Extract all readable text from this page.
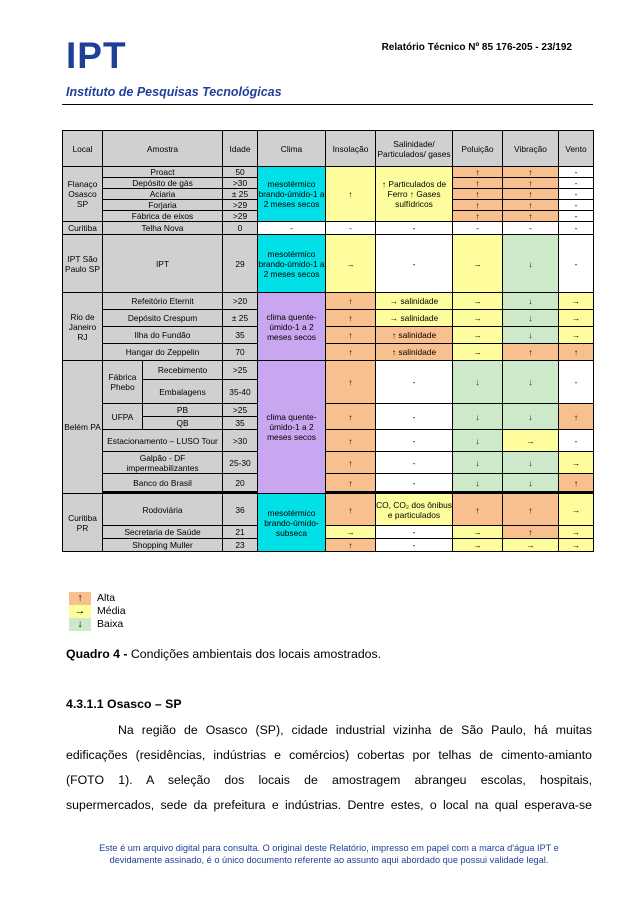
IPT
Instituto de Pesquisas Tecnológicas
Relatório Técnico Nº 85 176-205 - 23/192
Local	Amostra		Idade	Clima	Insolação	Salinidade/ Particulados/ gases	Poluição	Vibração	Vento
Flanaço Osasco SP	Proact		50	mesotérmico brando-úmido-1 a 2 meses secos	↑	↑ Particulados de Ferro ↑ Gases sulfídricos	↑	↑	-
	Depósito de gás		>30				↑	↑	-
	Aciaria		± 25				↑	↑	-
	Forjaria		>29				↑	↑	-
	Fábrica de eixos		>29				↑	↑	-
Curitiba	Telha Nova		0	-	-	-	-	-	-
IPT São Paulo SP	IPT		29	mesotérmico brando-úmido-1 a 2 meses secos	→	-	→	↓	-
Rio de Janeiro RJ	Refeitório Eternit		>20	clima quente-úmido-1 a 2 meses secos	↑	→ salinidade	→	↓	→
	Depósito Crespum		± 25		↑	→ salinidade	→	↓	→
	Ilha do Fundão		35		↑	↑ salinidade	→	↓	→
	Hangar do Zeppelin		70		↑	↑ salinidade	→	↑	↑
Belém PA	Fábrica Phebo	Recebimento	>25	clima quente-úmido-1 a 2 meses secos	↑	-	↓	↓	-
		Embalagens	35-40						
	UFPA	PB	>25		↑	-	↓	↓	↑
		QB	35						
	Estacionamento – LUSO Tour		>30		↑	-	↓	→	-
	Galpão - DF impermeabilizantes		25-30		↑	-	↓	↓	→
	Banco do Brasil		20		↑	-	↓	↓	↑

Curitiba PR	Rodoviária		36	mesotérmico brando-úmido-subseca	↑	CO, CO₂ dos ônibus e particulados	↑	↑	→
	Secretaria de Saúde		21		→	-	→	↑	→
	Shopping Muller		23		↑	-	→	→	→
↑	Alta
→	Média
↓	Baixa
Quadro 4 - Condições ambientais dos locais amostrados.
4.3.1.1 Osasco – SP
Na região de Osasco (SP), cidade industrial vizinha de São Paulo, há muitas
edificações (residências, indústrias e comércios) cobertas por telhas de cimento-amianto
(FOTO 1). A seleção dos locais de amostragem abrangeu escolas, hospitais,
supermercados, sede da prefeitura e indústrias. Dentre estes, o local na qual esperava-se
Este é um arquivo digital para consulta. O original deste Relatório, impresso em papel com a marca d'água IPT e devidamente assinado, é o único documento referente ao assunto aqui abordado que possui validade legal.
